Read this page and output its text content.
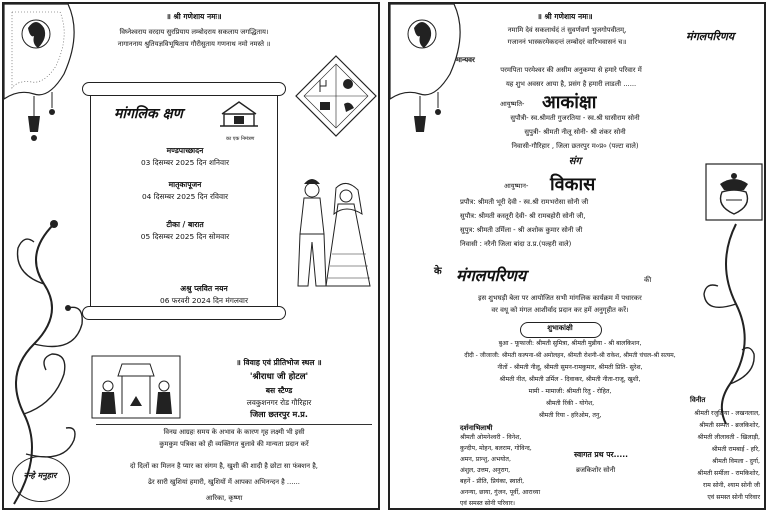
॥ श्री गणेशाय नमः॥
विघ्नेश्वराय वरदाय सुरप्रियाय लम्बोदराय सकलाय जगद्धिताय।
नागाननाय श्रुतियज्ञविभूषिताय गौरीसुताय गणनाथ नमो नमस्ते ॥
मांगलिक क्षण
का एक निमंत्रण
मण्डपाच्छादन
03 दिसम्बर 2025 दिन शनिवार
मातृकापूजन
04 दिसम्बर 2025 दिन रविवार
टीका / बारात
05 दिसम्बर 2025 दिन सोमवार
अश्रु प्लवित नयन
06 फरवरी 2024 दिन मंगलवार
॥ विवाह एवं प्रीतिभोज स्थल ॥
'श्रीराधा जी होटल'
बस स्टैण्ड
लवकुशनगर रोड गौरिहार
जिला छतरपुर म.प्र.
विनम्र आग्रहः समय के अभाव के कारण गृह लक्ष्मी भी इसी
कुमकुम पत्रिका को ही व्यक्तिगत बुलावे की मान्यता प्रदान करें
नन्हे मनुहार
दो दिलों का मिलन है प्यार का संगम है, खुशी की शादी है छोटा सा फंक्शन है,
ढेर सारी खुशियां हमारी, खुशियों में आपका अभिनन्दन है ......
आरिका, कृष्णा
॥ श्री गणेशाय नमः॥
नमामि देवं सकलार्थदं तं सुवर्णवर्णं भुजगोपवीतम्,
गजाननं भास्करमेकदन्तं लम्बोदरं वारिभवासनं च॥	मंगलपरिणय
मान्यवर
परमपिता परमेश्वर की असीम अनुकम्पा से हमारे परिवार में
यह शुभ अवसर आया है, प्रसंग है हमारी लाडली ......
आयुष्मति- आकांक्षा
सुपौत्री- स्व.श्रीमती गुजरतिया - स्व.श्री घासीराम सोनी
सुपुत्री- श्रीमती नीलू सोनी- श्री शंकर सोनी
निवासी-गौरिहार , जिला छतरपुर म०प्र० (पल्टा वाले)
संग
आयुष्मान- विकास
प्रपौत्र: श्रीमती भूरी देवी - स्व.श्री रामभरोसा सोनी जी
सुपौत्र: श्रीमती कस्तूरी देवी- श्री रामबहोरी सोनी जी,
सुपुत्र: श्रीमती उर्मिला - श्री अशोक कुमार सोनी जी
निवासी : नरैनी जिला बांदा उ.प्र.(पल्हरी वाले)
के मंगलपरिणय	की
इस शुभघड़ी बेला पर आयोजित सभी मांगलिक कार्यक्रम में पधारकर
वर वधू को मंगल आशीर्वाद प्रदान कर हमें अनुगृहीत करें।
शुभाकांक्षी
बुआ - फूफाजी: श्रीमती सुमित्रा, श्रीमती मुन्नीया - श्री बालकिशन,
दीदी - जीजाजी: श्रीमती कल्पना-श्री अमोलहन, श्रीमती रोशनी-श्री राकेश, श्रीमती चंचल-श्री सत्यम,
नीतों - श्रीमती नीलू, श्रीमती सुमन-रामकुमार, श्रीमती प्रिति- सुरेश,
श्रीमती नीत, श्रीमती उर्मिल - दिवाकर, श्रीमती नीता-राजू, खुशी,
मामी - मामाजी: श्रीमती रितु - रोहित,
श्रीमती रिंकी - योगेश,
श्रीमती रिया - हरिओम, तनु,
दर्शनाभिलाषी
श्रीमती ओमनेश्वरी - विनेश,
कुन्दीप, मोहन, बलराम, गोविन्द,
अमन, प्रान्शु, अभयोत,
अंशुल, उत्तम, अनुराग,
बहनें - प्रीति, प्रियंका, स्वाती,
अनन्या, छाया, गुंजन, पूर्वी, आराध्या
एवं समस्त सोनी परिवार।
स्वागत प्रथ पर.....
ब्रजकिशोर सोनी
विनीत
श्रीमती रजुलिया - लखनलाल,
श्रीमती सम्पत - ब्रजकिशोर,
श्रीमती लीलावती - खिलाड़ी,
श्रीमती रामबाई - हरि,
श्रीमती विमला - दुर्गा,
श्रीमती सर्मीला - रामकिशोर,
राम सोनी, श्याम सोनी जी
एवं समस्त सोनी परिवार
